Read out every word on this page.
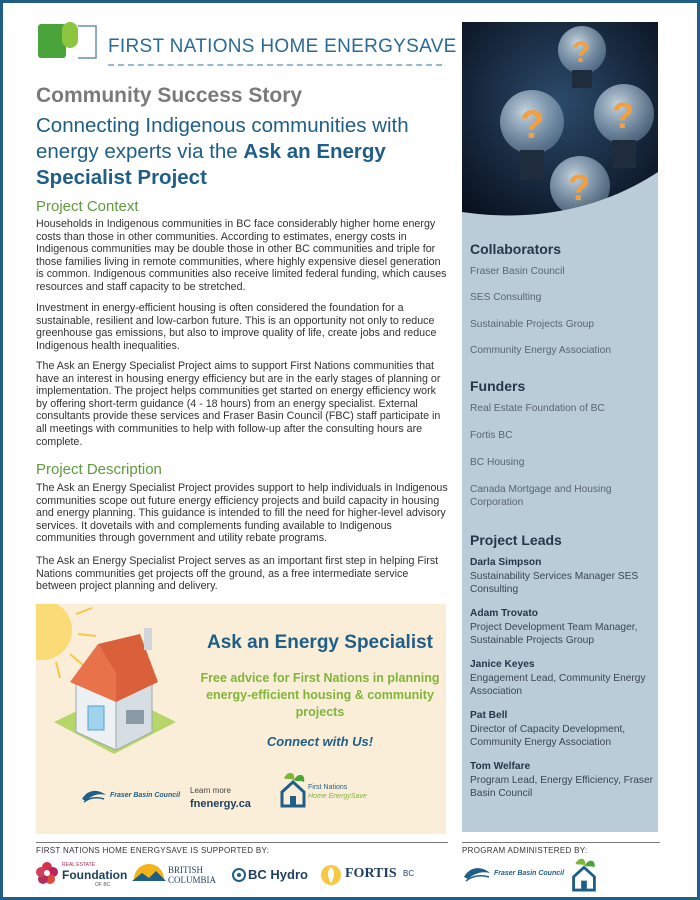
FIRST NATIONS HOME ENERGYSAVE
Community Success Story
Connecting Indigenous communities with energy experts via the Ask an Energy Specialist Project
Project Context
Households in Indigenous communities in BC face considerably higher home energy costs than those in other communities. According to estimates, energy costs in Indigenous communities may be double those in other BC communities and triple for those families living in remote communities, where highly expensive diesel generation is common. Indigenous communities also receive limited federal funding, which causes resources and staff capacity to be stretched.
Investment in energy-efficient housing is often considered the foundation for a sustainable, resilient and low-carbon future. This is an opportunity not only to reduce greenhouse gas emissions, but also to improve quality of life, create jobs and reduce Indigenous health inequalities.
The Ask an Energy Specialist Project aims to support First Nations communities that have an interest in housing energy efficiency but are in the early stages of planning or implementation. The project helps communities get started on energy efficiency work by offering short-term guidance (4 - 18 hours) from an energy specialist. External consultants provide these services and Fraser Basin Council (FBC) staff participate in all meetings with communities to help with follow-up after the consulting hours are complete.
Project Description
The Ask an Energy Specialist Project provides support to help individuals in Indigenous communities scope out future energy efficiency projects and build capacity in housing and energy planning. This guidance is intended to fill the need for higher-level advisory services. It dovetails with and complements funding available to Indigenous communities through government and utility rebate programs.
The Ask an Energy Specialist Project serves as an important first step in helping First Nations communities get projects off the ground, as a free intermediate service between project planning and delivery.
Ask an Energy Specialist
Free advice for First Nations in planning energy-efficient housing & community projects
Connect with Us!
Fraser Basin Council
Learn more
fnenergy.ca
First Nations
Home EnergySave
? ?
?
?
Collaborators
Fraser Basin Council
SES Consulting
Sustainable Projects Group
Community Energy Association
Funders
Real Estate Foundation of BC
Fortis BC
BC Housing
Canada Mortgage and Housing Corporation
Project Leads
Darla Simpson
Sustainability Services Manager SES Consulting
Adam Trovato
Project Development Team Manager, Sustainable Projects Group
Janice Keyes
Engagement Lead, Community Energy Association
Pat Bell
Director of Capacity Development, Community Energy Association
Tom Welfare
Program Lead, Energy Efficiency, Fraser Basin Council
FIRST NATIONS HOME ENERGYSAVE IS SUPPORTED BY:	PROGRAM ADMINISTERED BY:
REAL ESTATE
Foundation
OF BC
BRITISH
COLUMBIA BC Hydro	FORTIS BC	Fraser Basin Council
